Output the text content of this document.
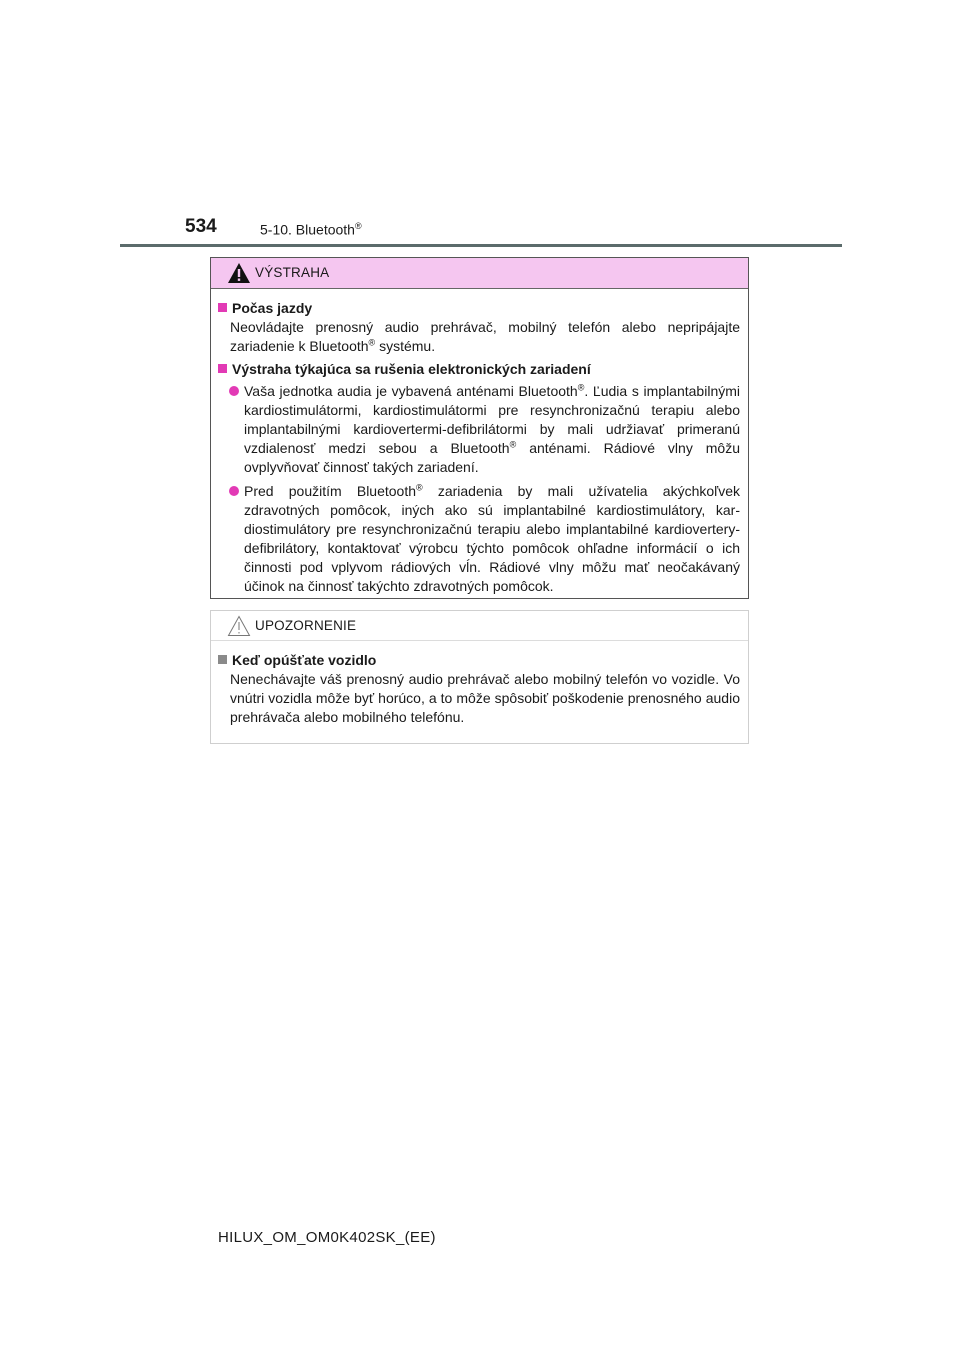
534	5-10. Bluetooth®
VÝSTRAHA
Počas jazdy
Neovládajte prenosný audio prehrávač, mobilný telefón alebo nepripájajte zariadenie k Bluetooth® systému.
Výstraha týkajúca sa rušenia elektronických zariadení
Vaša jednotka audia je vybavená anténami Bluetooth®. Ľudia s implantabilnými kardiostimulátormi, kardiostimulátormi pre resynchronizačnú terapiu alebo implantabilnými kardiovertermi-defibrilátormi by mali udržiavať primeranú vzdialenosť medzi sebou a Bluetooth® anténami. Rádiové vlny môžu ovplyvňovať činnosť takých zariadení.
Pred použitím Bluetooth® zariadenia by mali užívatelia akýchkoľvek zdravotných pomôcok, iných ako sú implantabilné kardiostimulátory, kardiostimulátory pre resynchronizačnú terapiu alebo implantabilné kardiovertery-defibrilátory, kontaktovať výrobcu týchto pomôcok ohľadne informácií o ich činnosti pod vplyvom rádiových vĺn. Rádiové vlny môžu mať neočakávaný účinok na činnosť takýchto zdravotných pomôcok.
UPOZORNENIE
Keď opúšťate vozidlo
Nenechávajte váš prenosný audio prehrávač alebo mobilný telefón vo vozidle. Vo vnútri vozidla môže byť horúco, a to môže spôsobiť poškodenie prenosného audio prehrávača alebo mobilného telefónu.
HILUX_OM_OM0K402SK_(EE)
